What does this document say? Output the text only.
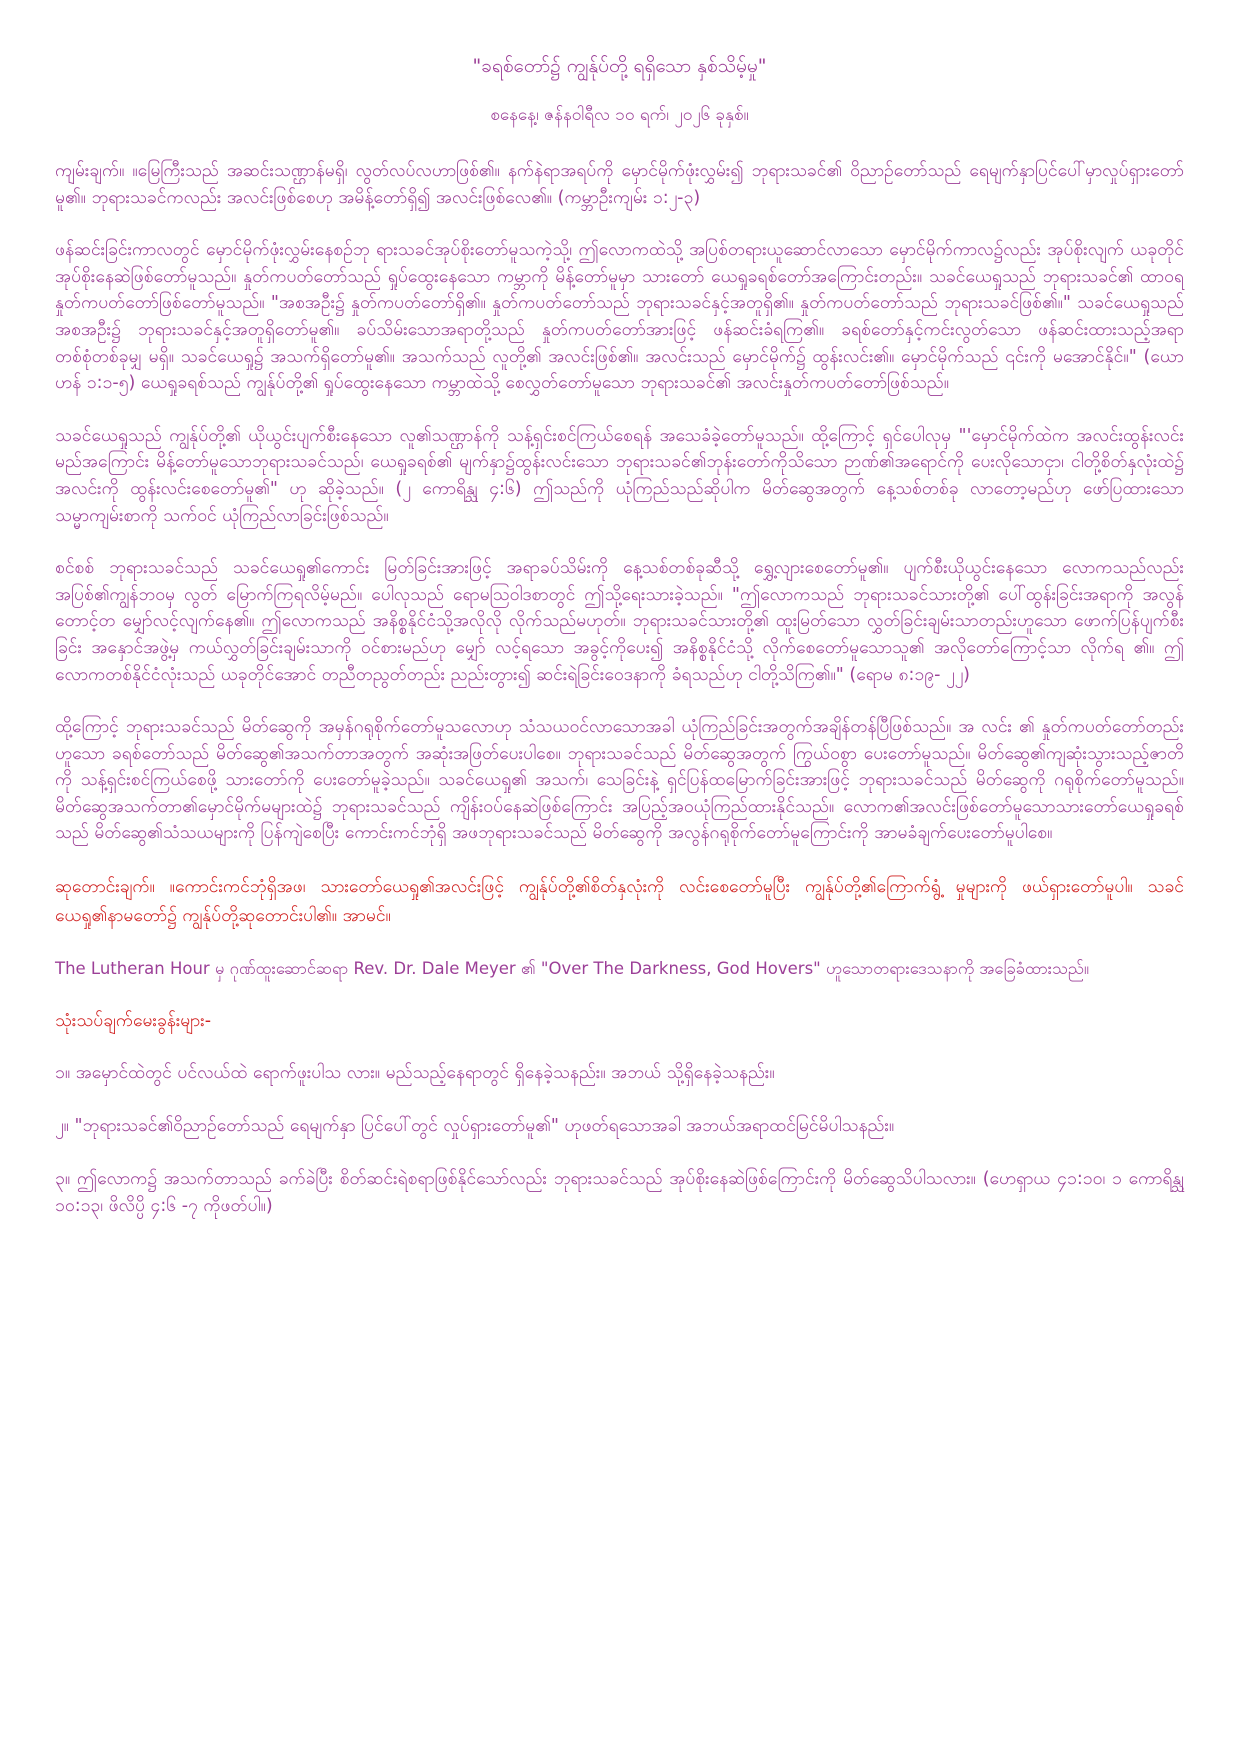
"ခရစ်တော်၌ ကျွန်ုပ်တို့ ရရှိသော နှစ်သိမ့်မှု"
စနေနေ့၊ ဇန်နဝါရီလ ၁၀ ရက်၊ ၂၀၂၆ ခုနှစ်။

ကျမ်းချက်။ ။မြေကြီးသည် အဆင်းသဏ္ဌာန်မရှိ၊ လွတ်လပ်လဟာဖြစ်၏။ နက်နဲရာအရပ်ကို မှောင်မိုက်ဖုံးလွှမ်း၍ ဘုရားသခင်၏ ဝိညာဉ်တော်သည် ရေမျက်နှာပြင်ပေါ်မှာလှုပ်ရှားတော်မူ၏။ ဘုရားသခင်ကလည်း အလင်းဖြစ်စေဟု အမိန့်တော်ရှိ၍ အလင်းဖြစ်လေ၏။ (ကမ္ဘာဦးကျမ်း ၁:၂-၃)

ဖန်ဆင်းခြင်းကာလတွင် မှောင်မိုက်ဖုံးလွှမ်းနေစဉ်ဘု ရားသခင်အုပ်စိုးတော်မူသကဲ့သို့၊ ဤလောကထဲသို့ အပြစ်တရားယူဆောင်လာသော မှောင်မိုက်ကာလ၌လည်း အုပ်စိုးလျက် ယခုတိုင် အုပ်စိုးနေဆဲဖြစ်တော်မူသည်။ နှုတ်ကပတ်တော်သည် ရှုပ်ထွေးနေသော ကမ္ဘာကို မိန့်တော်မူမှာ သားတော် ယေရှုခရစ်တော်အကြောင်းတည်း။ သခင်ယေရှုသည် ဘုရားသခင်၏ ထာဝရ နှုတ်ကပတ်တော်ဖြစ်တော်မူသည်။ "အစအဦး၌ နှုတ်ကပတ်တော်ရှိ၏။ နှုတ်ကပတ်တော်သည် ဘုရားသခင်နှင့်အတူရှိ၏။ နှုတ်ကပတ်တော်သည် ဘုရားသခင်ဖြစ်၏။" သခင်ယေရှုသည် အစအဦး၌ ဘုရားသခင်နှင့်အတူရှိတော်မူ၏။ ခပ်သိမ်းသောအရာတို့သည် နှုတ်ကပတ်တော်အားဖြင့် ဖန်ဆင်းခံရကြ၏။ ခရစ်တော်နှင့်ကင်းလွတ်သော ဖန်ဆင်းထားသည့်အရာ တစ်စုံတစ်ခုမျှ မရှိ။ သခင်ယေရှု၌ အသက်ရှိတော်မူ၏။ အသက်သည် လူတို့၏ အလင်းဖြစ်၏။ အလင်းသည် မှောင်မိုက်၌ ထွန်းလင်း၏။ မှောင်မိုက်သည် ၎င်းကို မအောင်နိုင်။" (ယောဟန် ၁:၁-၅) ယေရှုခရစ်သည် ကျွန်ုပ်တို့၏ ရှုပ်ထွေးနေသော ကမ္ဘာထဲသို့ စေလွှတ်တော်မူသော ဘုရားသခင်၏ အလင်းနှုတ်ကပတ်တော်ဖြစ်သည်။

သခင်ယေရှုသည် ကျွန်ုပ်တို့၏ ယိုယွင်းပျက်စီးနေသော လူ၏သဏ္ဌာန်ကို သန့်ရှင်းစင်ကြယ်စေရန် အသေခံခဲ့တော်မူသည်။ ထို့ကြောင့် ရှင်ပေါလုမှ "'မှောင်မိုက်ထဲက အလင်းထွန်းလင်းမည်အကြောင်း မိန့်တော်မူသောဘုရားသခင်သည်၊ ယေရှုခရစ်၏ မျက်နှာ၌ထွန်းလင်းသော ဘုရားသခင်၏ဘုန်းတော်ကိုသိသော ဉာဏ်၏အရောင်ကို ပေးလိုသောငှာ၊ ငါတို့စိတ်နှလုံးထဲ၌ အလင်းကို ထွန်းလင်းစေတော်မူ၏" ဟု ဆိုခဲ့သည်။ (၂ ကောရိန္သု ၄:၆) ဤသည်ကို ယုံကြည်သည်ဆိုပါက မိတ်ဆွေအတွက် နေ့သစ်တစ်ခု လာတော့မည်ဟု ဖော်ပြထားသော သမ္မာကျမ်းစာကို သက်ဝင် ယုံကြည်လာခြင်းဖြစ်သည်။

စင်စစ် ဘုရားသခင်သည် သခင်ယေရှု၏ကောင်း မြတ်ခြင်းအားဖြင့် အရာခပ်သိမ်းကို နေ့သစ်တစ်ခုဆီသို့ ရွှေ့လျားစေတော်မူ၏။ ပျက်စီးယိုယွင်းနေသော လောကသည်လည်း အပြစ်၏ကျွန်ဘဝမှ လွတ် မြောက်ကြရလိမ့်မည်။ ပေါလုသည် ရောမဩဝါဒစာတွင် ဤသို့ရေးသားခဲ့သည်။ "ဤလောကသည် ဘုရားသခင်သားတို့၏ ပေါ်ထွန်းခြင်းအရာကို အလွန်တောင့်တ မျှော်လင့်လျက်နေ၏။ ဤလောကသည် အနိစ္စနိုင်ငံသို့အလိုလို လိုက်သည်မဟုတ်။ ဘုရားသခင်သားတို့၏ ထူးမြတ်သော လွှတ်ခြင်းချမ်းသာတည်းဟူသော ဖောက်ပြန်ပျက်စီးခြင်း အနှောင်အဖွဲ့မှ ကယ်လွှတ်ခြင်းချမ်းသာကို ဝင်စားမည်ဟု မျှော် လင့်ရသော အခွင့်ကိုပေး၍ အနိစ္စနိုင်ငံသို့ လိုက်စေတော်မူသောသူ၏ အလိုတော်ကြောင့်သာ လိုက်ရ ၏။ ဤလောကတစ်နိုင်ငံလုံးသည် ယခုတိုင်အောင် တညီတညွတ်တည်း ညည်းတွား၍ ဆင်းရဲခြင်းဝေဒနာကို ခံရသည်ဟု ငါတို့သိကြ၏။" (ရောမ ၈:၁၉- ၂၂)

ထို့ကြောင့် ဘုရားသခင်သည် မိတ်ဆွေကို အမှန်ဂရုစိုက်တော်မူသလောဟု သံသယဝင်လာသောအခါ ယုံကြည်ခြင်းအတွက်အချိန်တန်ပြီဖြစ်သည်။ အ လင်း ၏ နှုတ်ကပတ်တော်တည်းဟူသော ခရစ်တော်သည် မိတ်ဆွေ၏အသက်တာအတွက် အဆုံးအဖြတ်ပေးပါစေ။ ဘုရားသခင်သည် မိတ်ဆွေအတွက် ကြွယ်ဝစွာ ပေးတော်မူသည်။ မိတ်ဆွေ၏ကျဆုံးသွားသည့်ဇာတိကို သန့်ရှင်းစင်ကြယ်စေဖို့ သားတော်ကို ပေးတော်မူခဲ့သည်။ သခင်ယေရှု၏ အသက်၊ သေခြင်းနဲ့ ရှင်ပြန်ထမြောက်ခြင်းအားဖြင့် ဘုရားသခင်သည် မိတ်ဆွေကို ဂရုစိုက်တော်မူသည်။ မိတ်ဆွေအသက်တာ၏မှောင်မိုက်မများထဲ၌ ဘုရားသခင်သည် ကျိန်းဝပ်နေဆဲဖြစ်ကြောင်း အပြည့်အဝယုံကြည်ထားနိုင်သည်။ လောက၏အလင်းဖြစ်တော်မူသောသားတော်ယေရှုခရစ်သည် မိတ်ဆွေ၏သံသယများကို ပြန်ကျဲစေပြီး ကောင်းကင်ဘုံရှိ အဖဘုရားသခင်သည် မိတ်ဆွေကို အလွန်ဂရုစိုက်တော်မူကြောင်းကို အာမခံချက်ပေးတော်မူပါစေ။

ဆုတောင်းချက်။ ။ကောင်းကင်ဘုံရှိအဖ၊ သားတော်ယေရှု၏အလင်းဖြင့် ကျွန်ုပ်တို့၏စိတ်နှလုံးကို လင်းစေတော်မူပြီး ကျွန်ုပ်တို့၏ကြောက်ရွံ့ မှုများကို ဖယ်ရှားတော်မူပါ။ သခင်ယေရှု၏နာမတော်၌ ကျွန်ုပ်တို့ဆုတောင်းပါ၏။ အာမင်။

The Lutheran Hour မှ ဂုဏ်ထူးဆောင်ဆရာ Rev. Dr. Dale Meyer ၏ "Over The Darkness, God Hovers" ဟူသောတရားဒေသနာကို အခြေခံထားသည်။

သုံးသပ်ချက်မေးခွန်းများ-

၁။ အမှောင်ထဲတွင် ပင်လယ်ထဲ ရောက်ဖူးပါသ လား။ မည်သည့်နေရာတွင် ရှိနေခဲ့သနည်း။ အဘယ် သို့ရှိနေခဲ့သနည်း။

၂။ "ဘုရားသခင်၏ဝိညာဉ်တော်သည် ရေမျက်နှာ ပြင်ပေါ်တွင် လှုပ်ရှားတော်မူ၏" ဟုဖတ်ရသောအခါ အဘယ်အရာထင်မြင်မိပါသနည်း။

၃။ ဤလောက၌ အသက်တာသည် ခက်ခဲပြီး စိတ်ဆင်းရဲစရာဖြစ်နိုင်သော်လည်း ဘုရားသခင်သည် အုပ်စိုးနေဆဲဖြစ်ကြောင်းကို မိတ်ဆွေသိပါသလား။ (ဟေရှာယ ၄၁:၁၀၊ ၁ ကောရိန္သု ၁၀:၁၃၊ ဖိလိပ္ပိ ၄:၆ -၇ ကိုဖတ်ပါ။)
